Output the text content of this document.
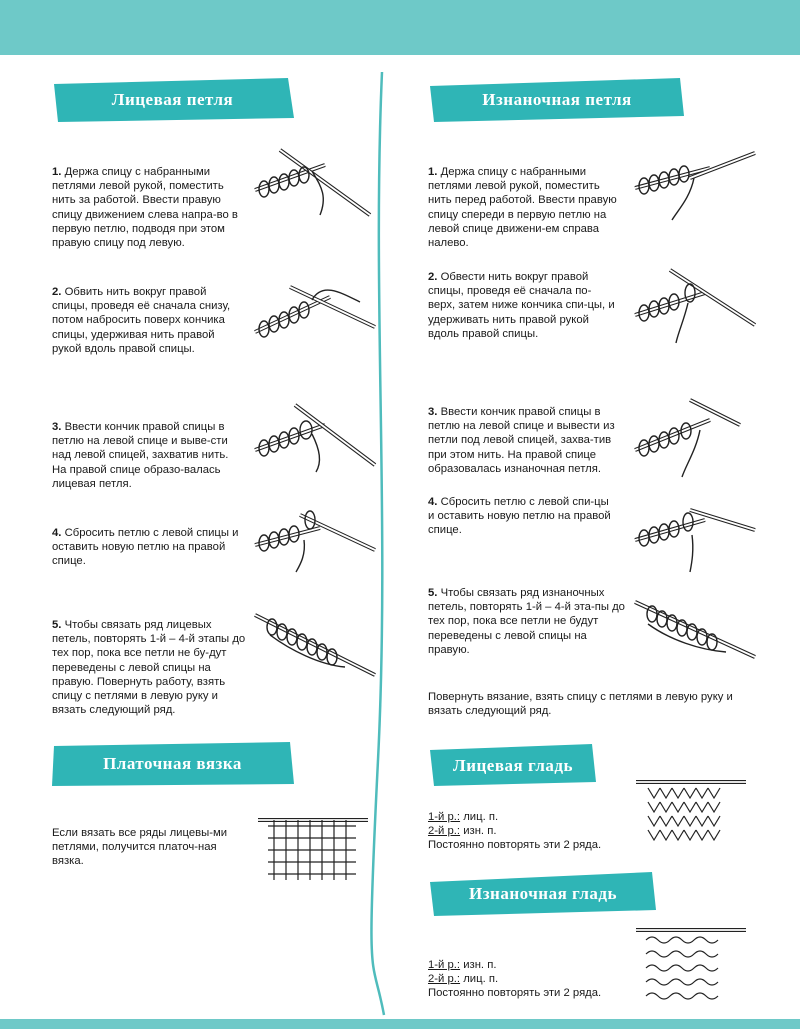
Лицевая петля
Платочная вязка
Изнаночная петля
Лицевая гладь
Изнаночная гладь
1. Держа спицу с набранными петлями левой рукой, поместить нить за работой. Ввести правую спицу движением слева напра-во в первую петлю, подводя при этом правую спицу под левую.
2. Обвить нить вокруг правой спицы, проведя её сначала снизу, потом набросить поверх кончика спицы, удерживая нить правой рукой вдоль правой спицы.
3. Ввести кончик правой спицы в петлю на левой спице и выве-сти над левой спицей, захватив нить. На правой спице образо-валась лицевая петля.
4. Сбросить петлю с левой спицы и оставить новую петлю на правой спице.
5. Чтобы связать ряд лицевых петель, повторять 1-й – 4-й этапы до тех пор, пока все петли не бу-дут переведены с левой спицы на правую. Повернуть работу, взять спицу с петлями в левую руку и вязать следующий ряд.
Если вязать все ряды лицевы-ми петлями, получится платоч-ная вязка.
1. Держа спицу с набранными петлями левой рукой, поместить нить перед работой. Ввести правую спицу спереди в первую петлю на левой спице движени-ем справа налево.
2. Обвести нить вокруг правой спицы, проведя её сначала по-верх, затем ниже кончика спи-цы, и удерживать нить правой рукой вдоль правой спицы.
3. Ввести кончик правой спицы в петлю на левой спице и вывести из петли под левой спицей, захва-тив при этом нить. На правой спице образовалась изнаночная петля.
4. Сбросить петлю с левой спи-цы и оставить новую петлю на правой спице.
5. Чтобы связать ряд изнаночных петель, повторять 1-й – 4-й эта-пы до тех пор, пока все петли не будут переведены с левой спицы на правую.
Повернуть вязание, взять спицу с петлями в левую руку и вязать следующий ряд.
1-й р.: лиц. п.
2-й р.: изн. п.
Постоянно повторять эти 2 ряда.
1-й р.: изн. п.
2-й р.: лиц. п.
Постоянно повторять эти 2 ряда.
